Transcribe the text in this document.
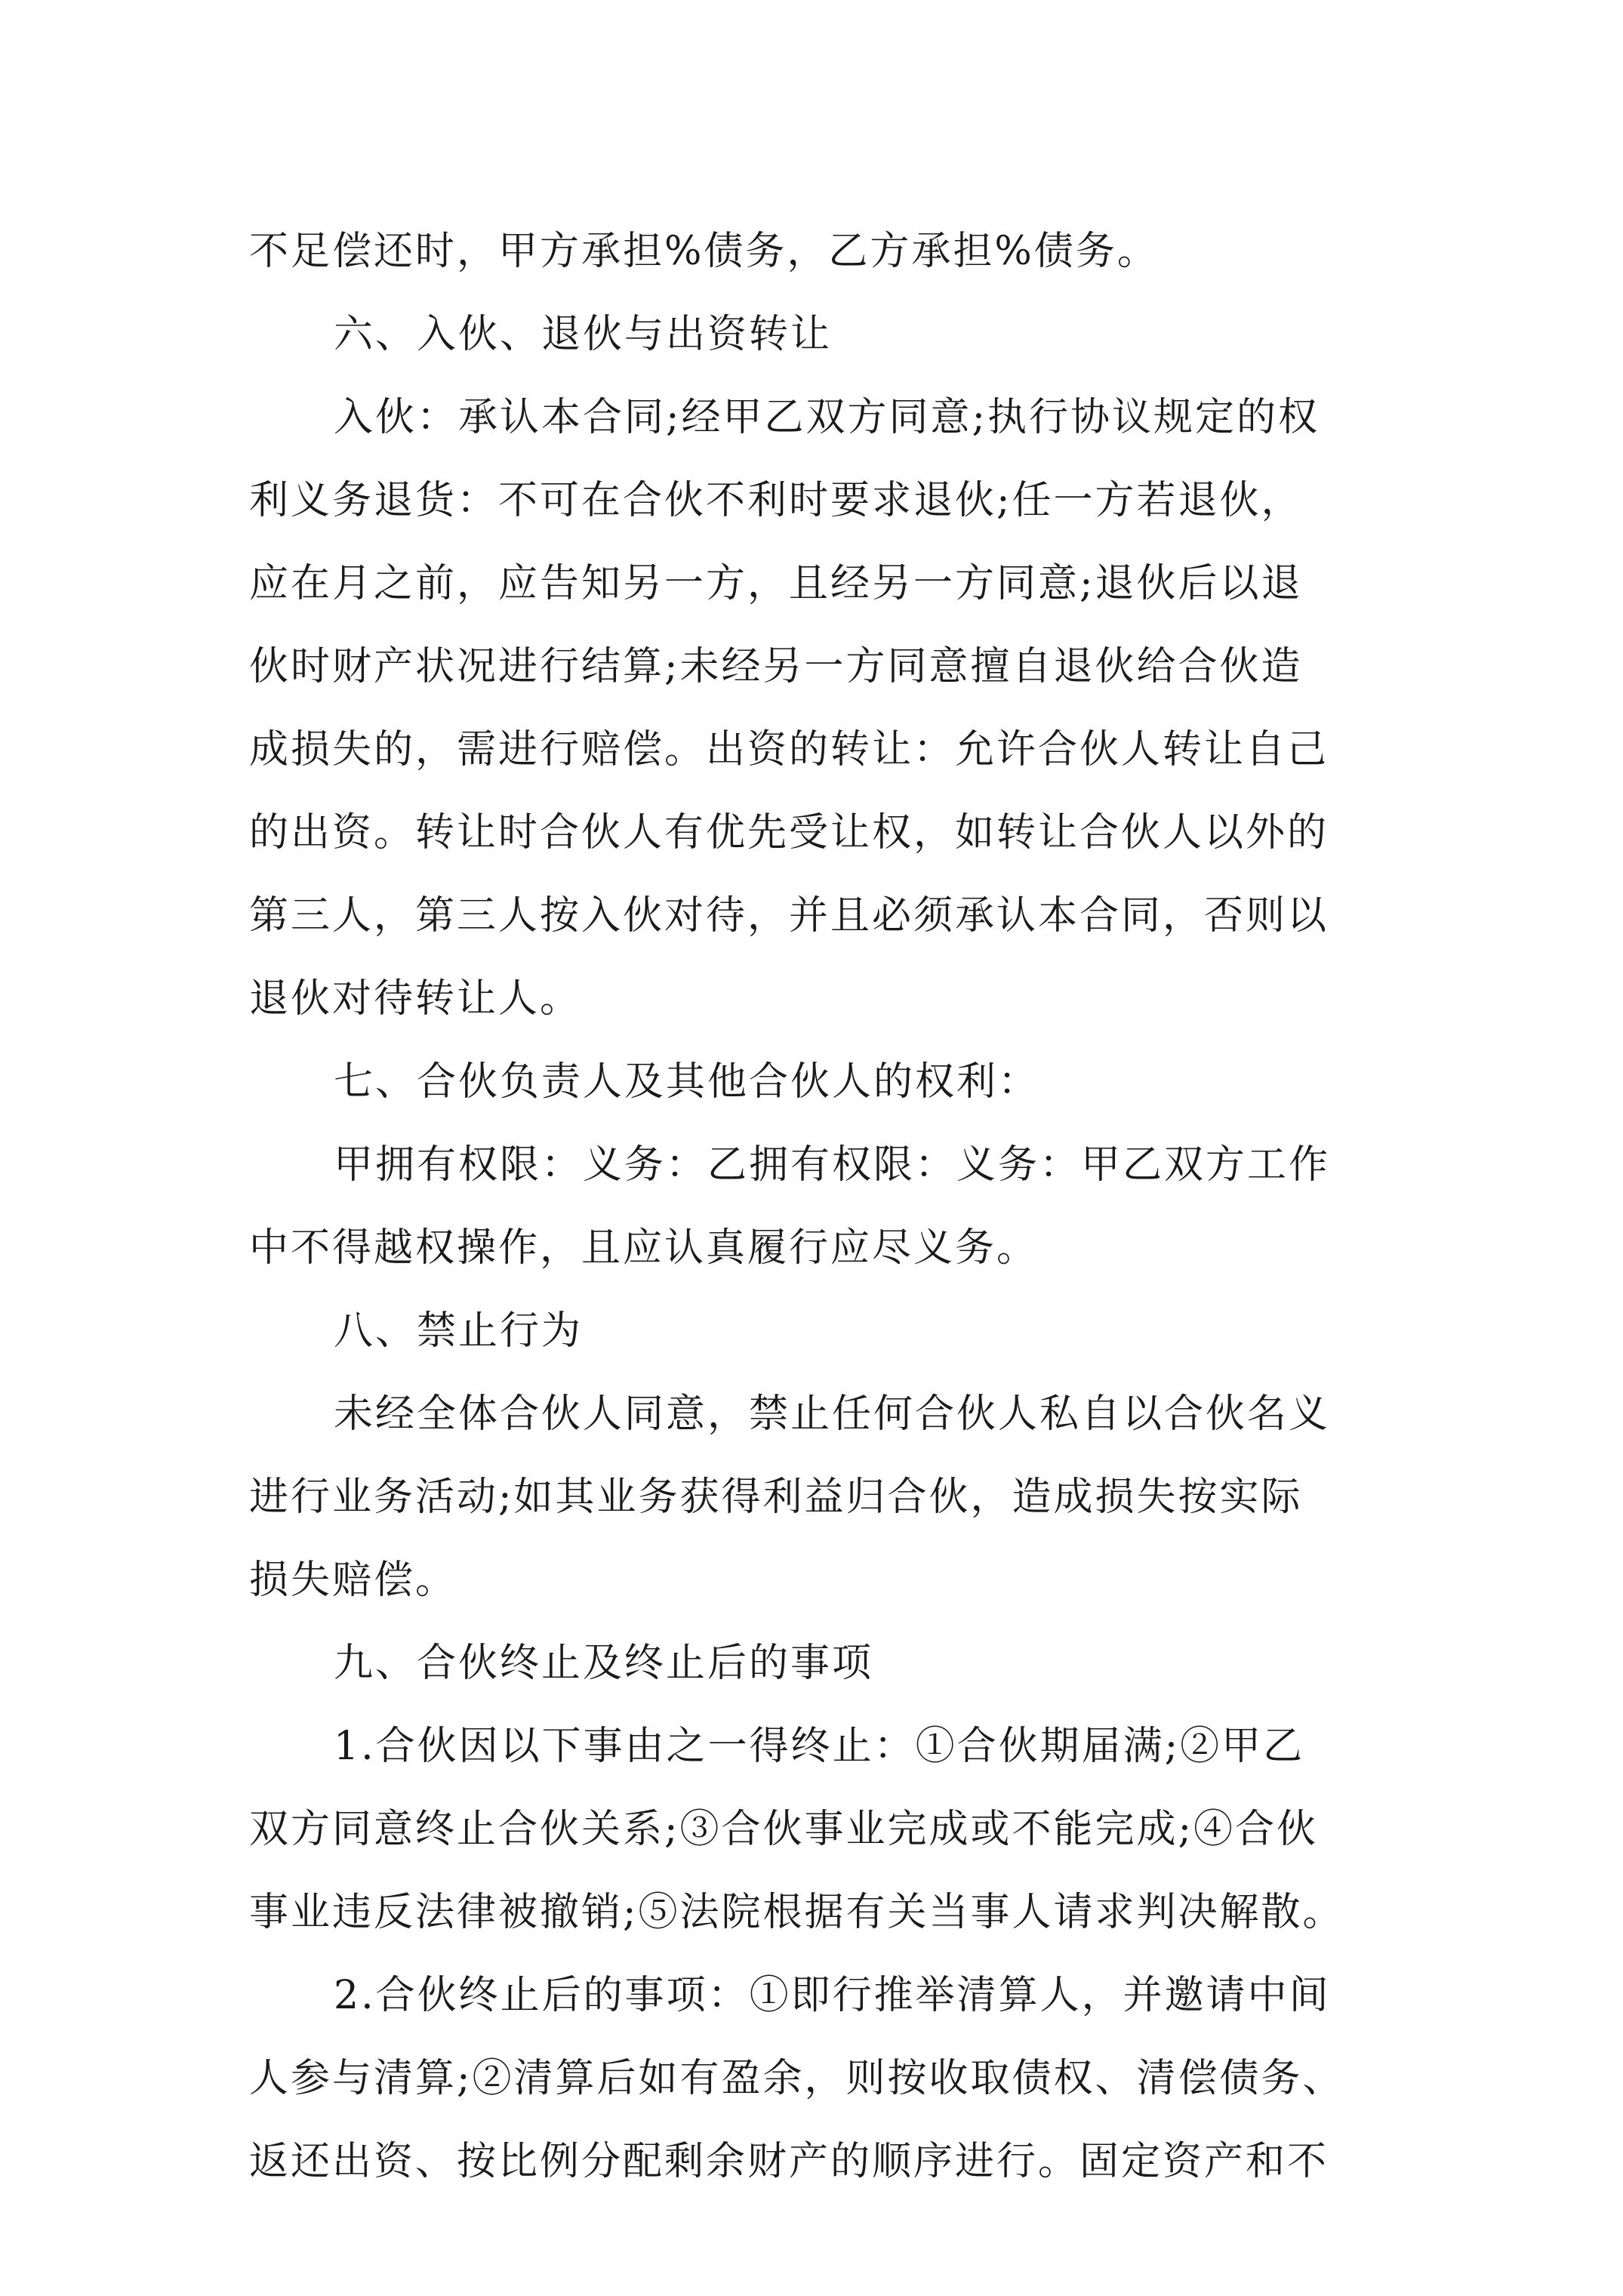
不足偿还时，甲方承担%债务，乙方承担%债务。
六、入伙、退伙与出资转让
入伙：承认本合同;经甲乙双方同意;执行协议规定的权
利义务退货：不可在合伙不利时要求退伙;任一方若退伙，
应在月之前，应告知另一方，且经另一方同意;退伙后以退
伙时财产状况进行结算;未经另一方同意擅自退伙给合伙造
成损失的，需进行赔偿。出资的转让：允许合伙人转让自己
的出资。转让时合伙人有优先受让权，如转让合伙人以外的
第三人，第三人按入伙对待，并且必须承认本合同，否则以
退伙对待转让人。
七、合伙负责人及其他合伙人的权利：
甲拥有权限：义务：乙拥有权限：义务：甲乙双方工作
中不得越权操作，且应认真履行应尽义务。
八、禁止行为
未经全体合伙人同意，禁止任何合伙人私自以合伙名义
进行业务活动;如其业务获得利益归合伙，造成损失按实际
损失赔偿。
九、合伙终止及终止后的事项
1.合伙因以下事由之一得终止：①合伙期届满;②甲乙
双方同意终止合伙关系;③合伙事业完成或不能完成;④合伙
事业违反法律被撤销;⑤法院根据有关当事人请求判决解散。
2.合伙终止后的事项：①即行推举清算人，并邀请中间
人参与清算;②清算后如有盈余，则按收取债权、清偿债务、
返还出资、按比例分配剩余财产的顺序进行。固定资产和不
